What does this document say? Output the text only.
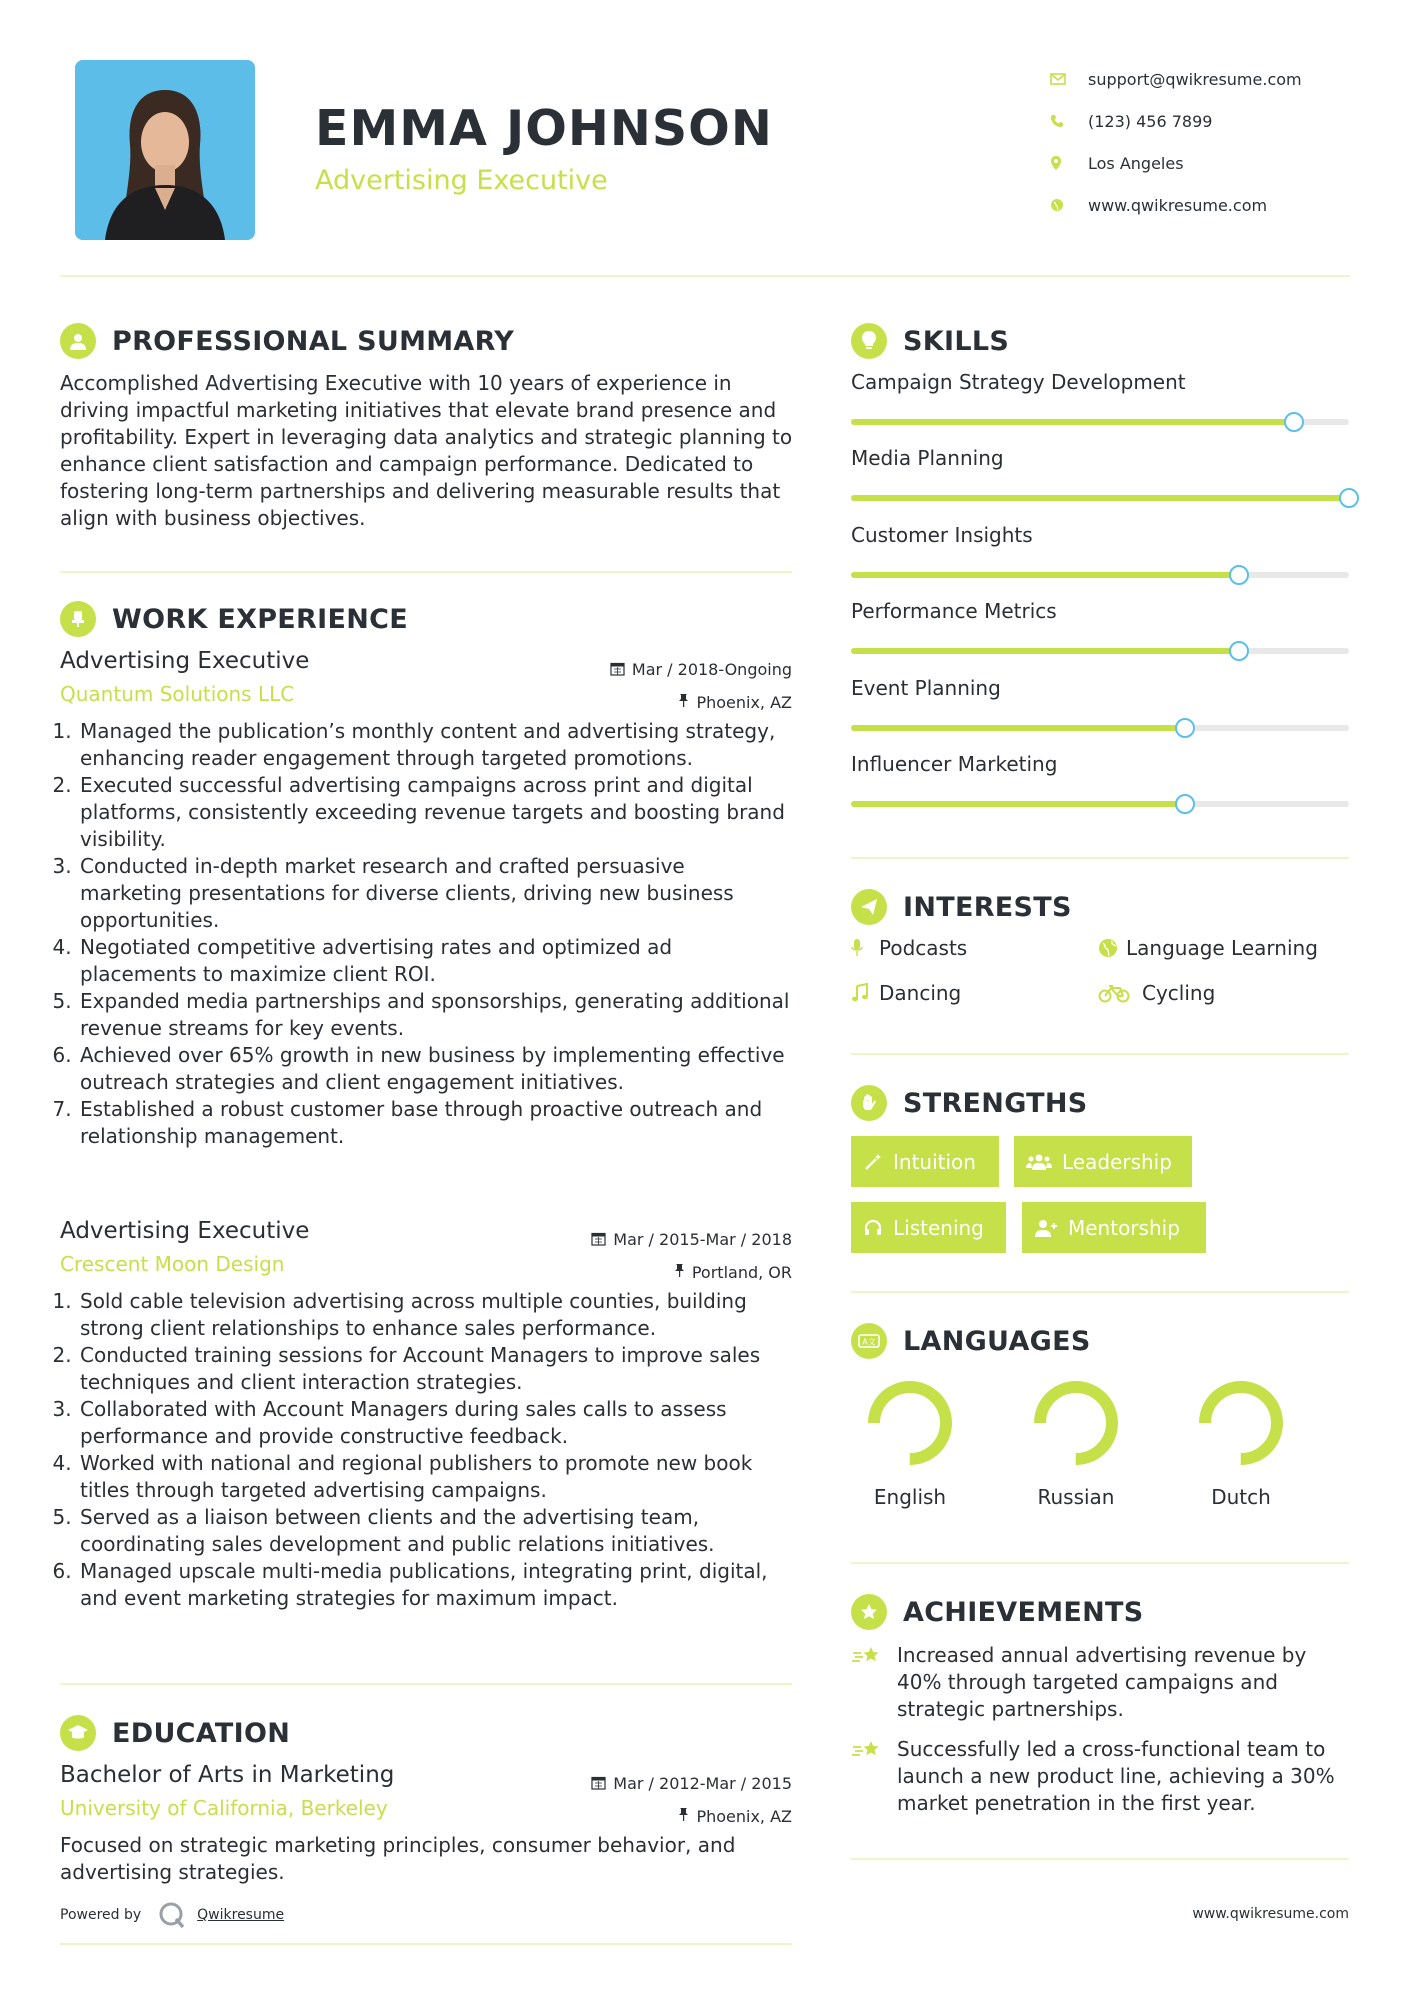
EMMA JOHNSON
Advertising Executive
support@qwikresume.com
(123) 456 7899
Los Angeles
www.qwikresume.com
PROFESSIONAL SUMMARY
Accomplished Advertising Executive with 10 years of experience in driving impactful marketing initiatives that elevate brand presence and profitability. Expert in leveraging data analytics and strategic planning to enhance client satisfaction and campaign performance. Dedicated to fostering long-term partnerships and delivering measurable results that align with business objectives.
WORK EXPERIENCE
Advertising Executive
Quantum Solutions LLC
Mar / 2018-Ongoing
Phoenix, AZ
1. Managed the publication’s monthly content and advertising strategy, enhancing reader engagement through targeted promotions.
2. Executed successful advertising campaigns across print and digital platforms, consistently exceeding revenue targets and boosting brand visibility.
3. Conducted in-depth market research and crafted persuasive marketing presentations for diverse clients, driving new business opportunities.
4. Negotiated competitive advertising rates and optimized ad placements to maximize client ROI.
5. Expanded media partnerships and sponsorships, generating additional revenue streams for key events.
6. Achieved over 65% growth in new business by implementing effective outreach strategies and client engagement initiatives.
7. Established a robust customer base through proactive outreach and relationship management.
Advertising Executive
Crescent Moon Design
Mar / 2015-Mar / 2018
Portland, OR
1. Sold cable television advertising across multiple counties, building strong client relationships to enhance sales performance.
2. Conducted training sessions for Account Managers to improve sales techniques and client interaction strategies.
3. Collaborated with Account Managers during sales calls to assess performance and provide constructive feedback.
4. Worked with national and regional publishers to promote new book titles through targeted advertising campaigns.
5. Served as a liaison between clients and the advertising team, coordinating sales development and public relations initiatives.
6. Managed upscale multi-media publications, integrating print, digital, and event marketing strategies for maximum impact.
EDUCATION
Bachelor of Arts in Marketing
University of California, Berkeley
Mar / 2012-Mar / 2015
Phoenix, AZ
Focused on strategic marketing principles, consumer behavior, and advertising strategies.
SKILLS
Campaign Strategy Development
Media Planning
Customer Insights
Performance Metrics
Event Planning
Influencer Marketing
INTERESTS
Podcasts	Language Learning
Dancing	Cycling
STRENGTHS
Intuition	Leadership
Listening	Mentorship
A文 LANGUAGES
English	Russian	Dutch
ACHIEVEMENTS
Increased annual advertising revenue by 40% through targeted campaigns and strategic partnerships.
Successfully led a cross-functional team to launch a new product line, achieving a 30% market penetration in the first year.
Powered by	Qwikresume	www.qwikresume.com
